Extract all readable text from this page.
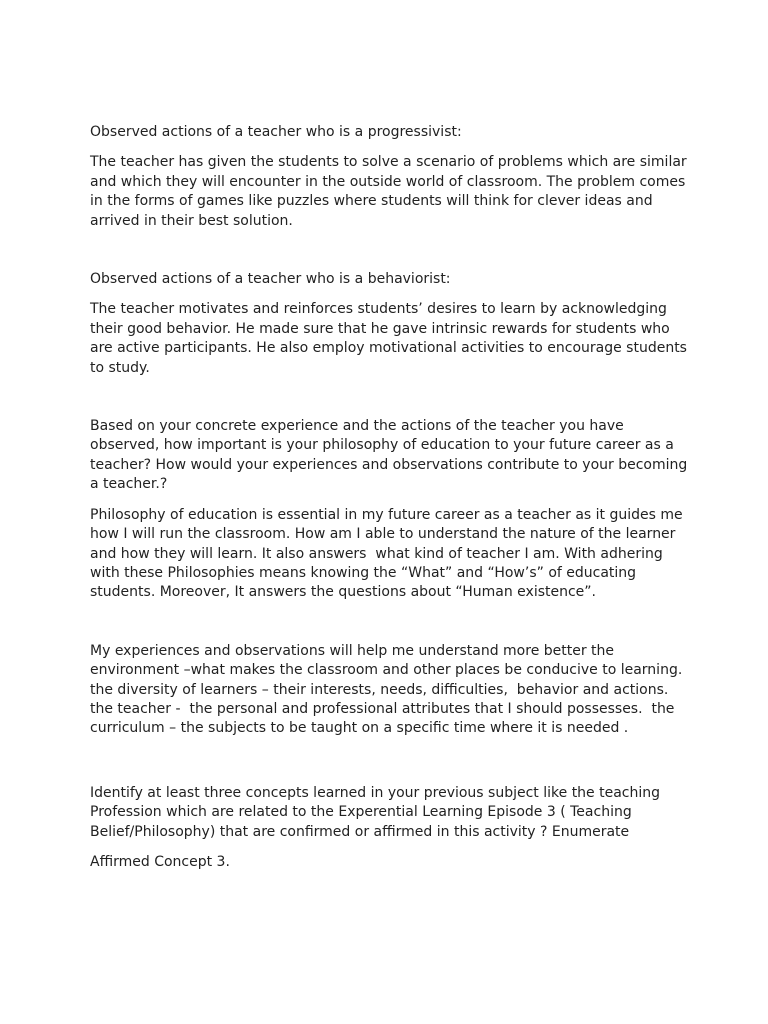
Observed actions of a teacher who is a progressivist:

The teacher has given the students to solve a scenario of problems which are similar and which they will encounter in the outside world of classroom. The problem comes in the forms of games like puzzles where students will think for clever ideas and arrived in their best solution.

Observed actions of a teacher who is a behaviorist:

The teacher motivates and reinforces students’ desires to learn by acknowledging their good behavior. He made sure that he gave intrinsic rewards for students who are active participants. He also employ motivational activities to encourage students to study.

Based on your concrete experience and the actions of the teacher you have observed, how important is your philosophy of education to your future career as a teacher? How would your experiences and observations contribute to your becoming a teacher.?

Philosophy of education is essential in my future career as a teacher as it guides me how I will run the classroom. How am I able to understand the nature of the learner and how they will learn. It also answers  what kind of teacher I am. With adhering with these Philosophies means knowing the “What” and “How’s” of educating students. Moreover, It answers the questions about “Human existence”.

My experiences and observations will help me understand more better the environment –what makes the classroom and other places be conducive to learning. the diversity of learners – their interests, needs, difficulties,  behavior and actions. the teacher -  the personal and professional attributes that I should possesses.  the curriculum – the subjects to be taught on a specific time where it is needed .

Identify at least three concepts learned in your previous subject like the teaching Profession which are related to the Experential Learning Episode 3 ( Teaching Belief/Philosophy) that are confirmed or affirmed in this activity ? Enumerate

Affirmed Concept 3.
